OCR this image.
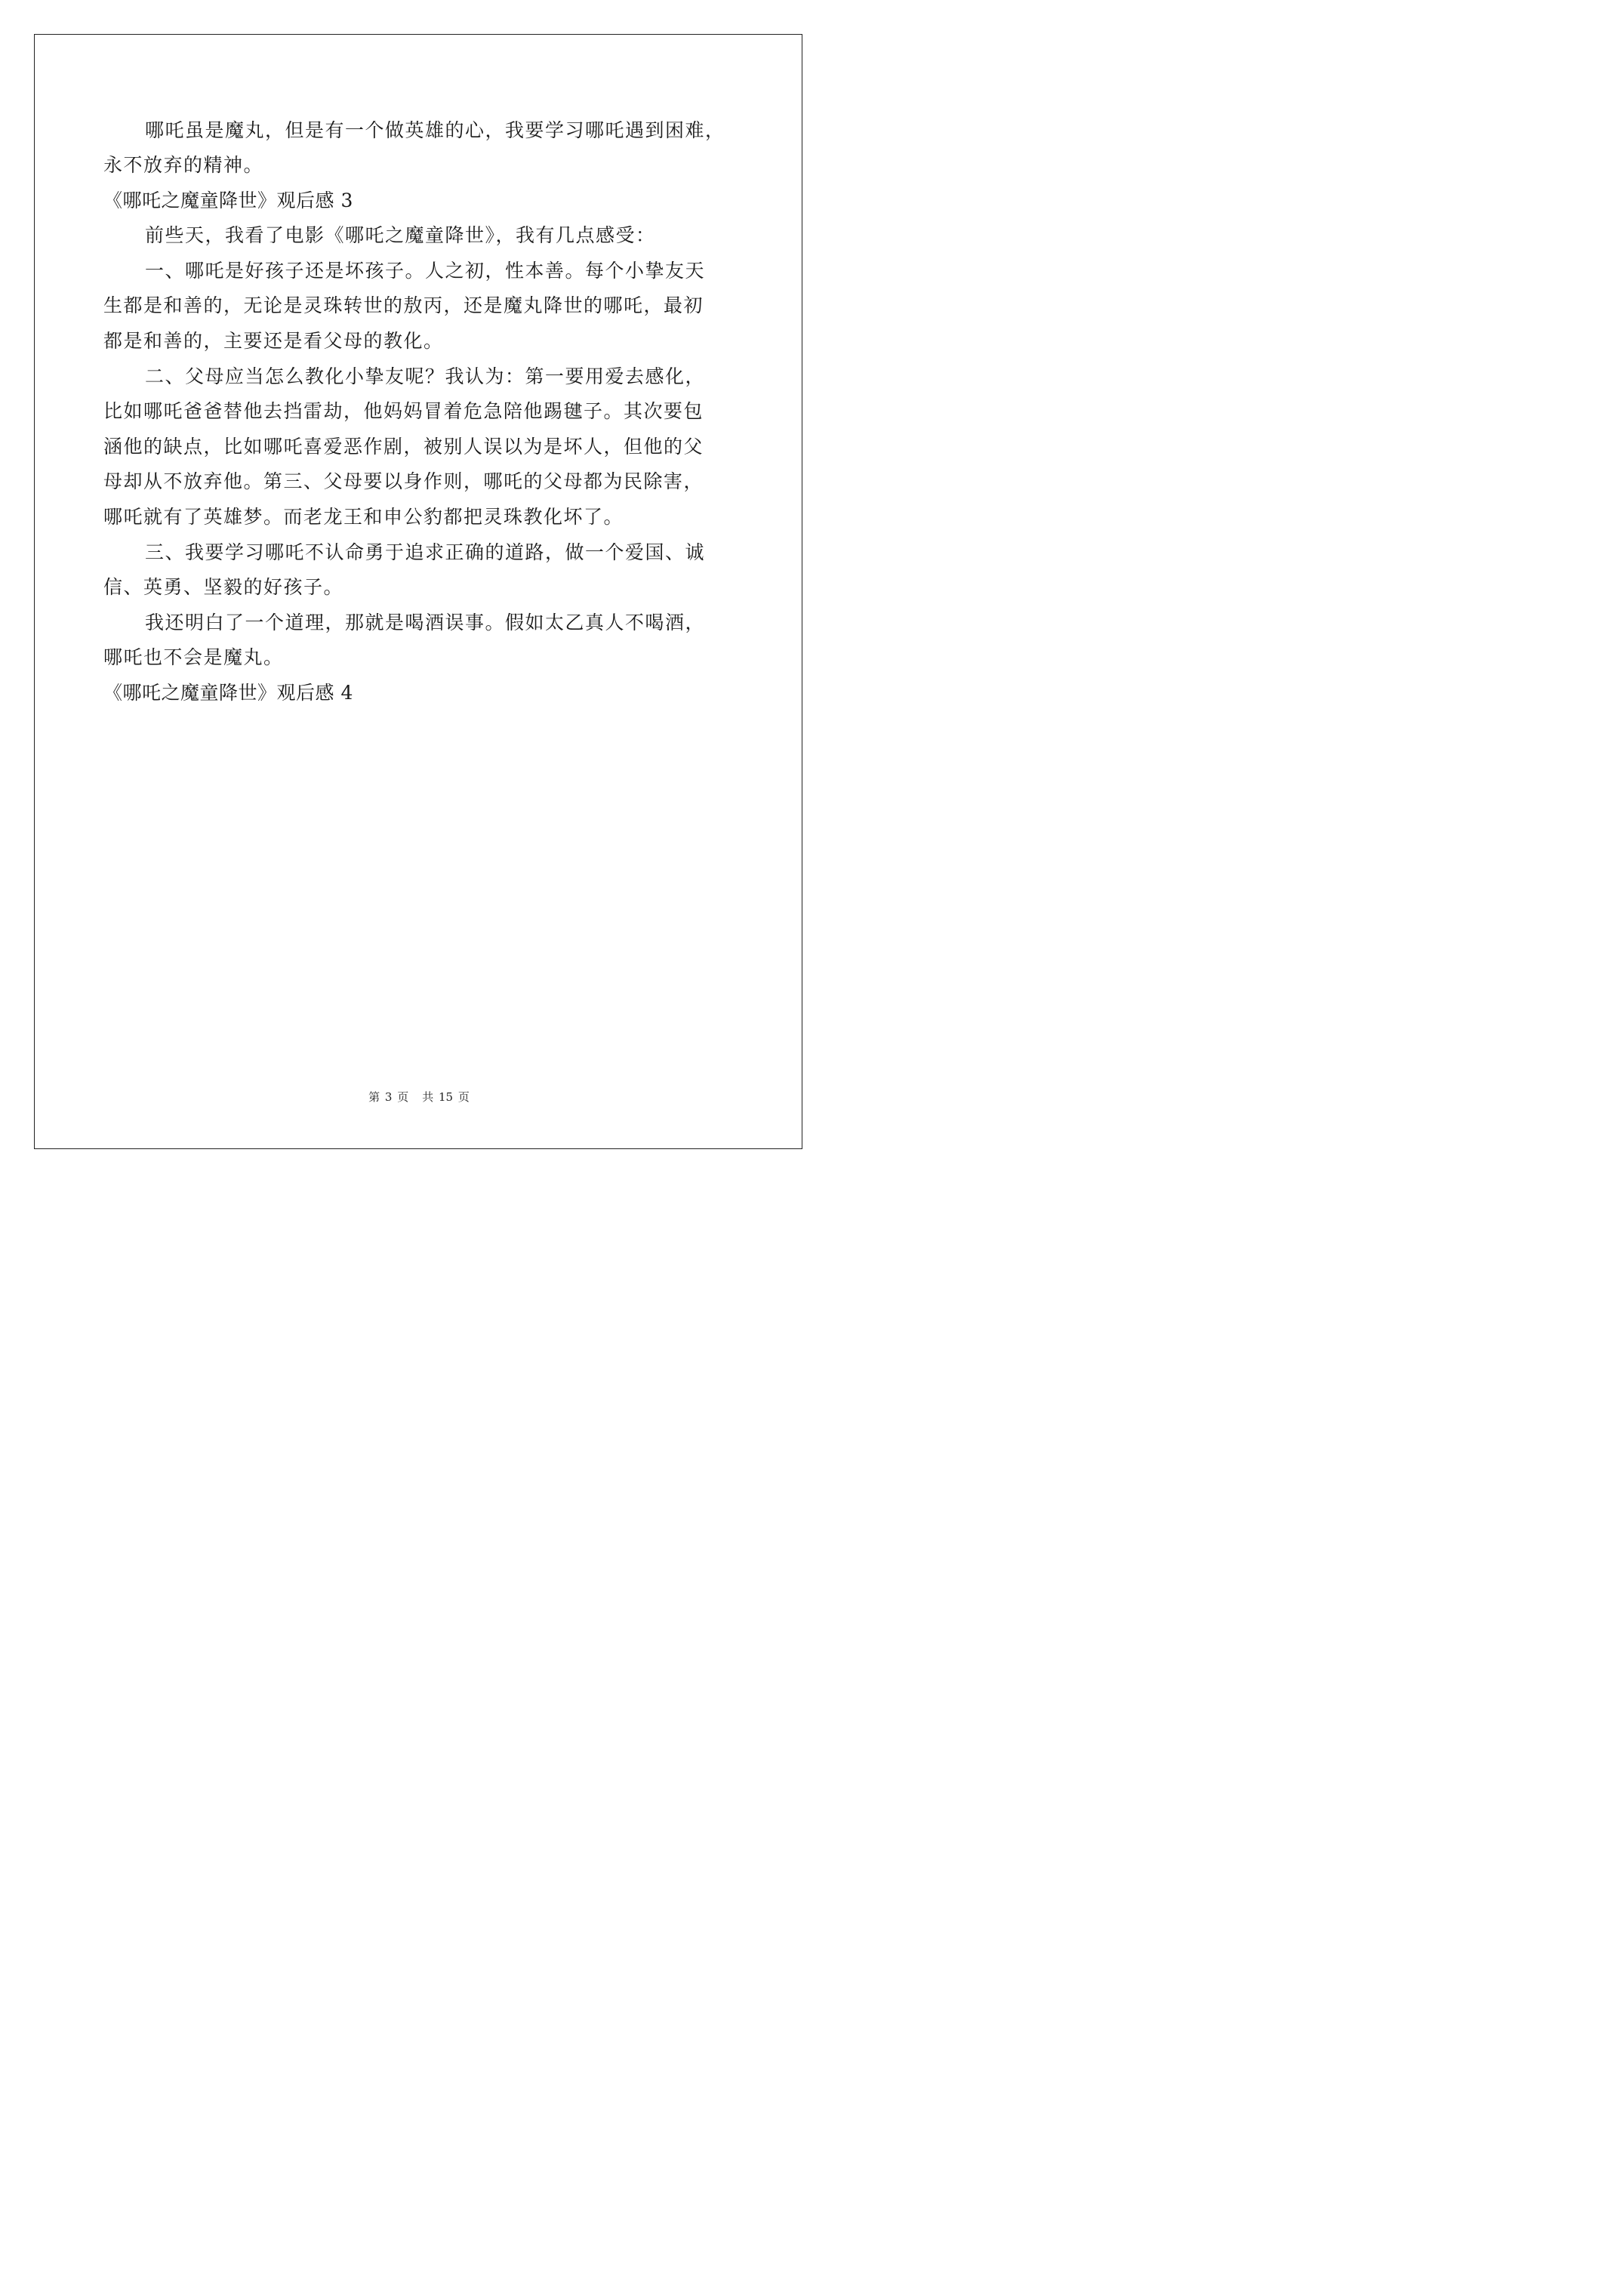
哪吒虽是魔丸，但是有一个做英雄的心，我要学习哪吒遇到困难，
永不放弃的精神。
《哪吒之魔童降世》观后感 3
前些天，我看了电影《哪吒之魔童降世》，我有几点感受：
一、哪吒是好孩子还是坏孩子。人之初，性本善。每个小挚友天
生都是和善的，无论是灵珠转世的敖丙，还是魔丸降世的哪吒，最初
都是和善的，主要还是看父母的教化。
二、父母应当怎么教化小挚友呢？我认为：第一要用爱去感化，
比如哪吒爸爸替他去挡雷劫，他妈妈冒着危急陪他踢毽子。其次要包
涵他的缺点，比如哪吒喜爱恶作剧，被别人误以为是坏人，但他的父
母却从不放弃他。第三、父母要以身作则，哪吒的父母都为民除害，
哪吒就有了英雄梦。而老龙王和申公豹都把灵珠教化坏了。
三、我要学习哪吒不认命勇于追求正确的道路，做一个爱国、诚
信、英勇、坚毅的好孩子。
我还明白了一个道理，那就是喝酒误事。假如太乙真人不喝酒，
哪吒也不会是魔丸。
《哪吒之魔童降世》观后感 4
第 3 页 共 15 页
